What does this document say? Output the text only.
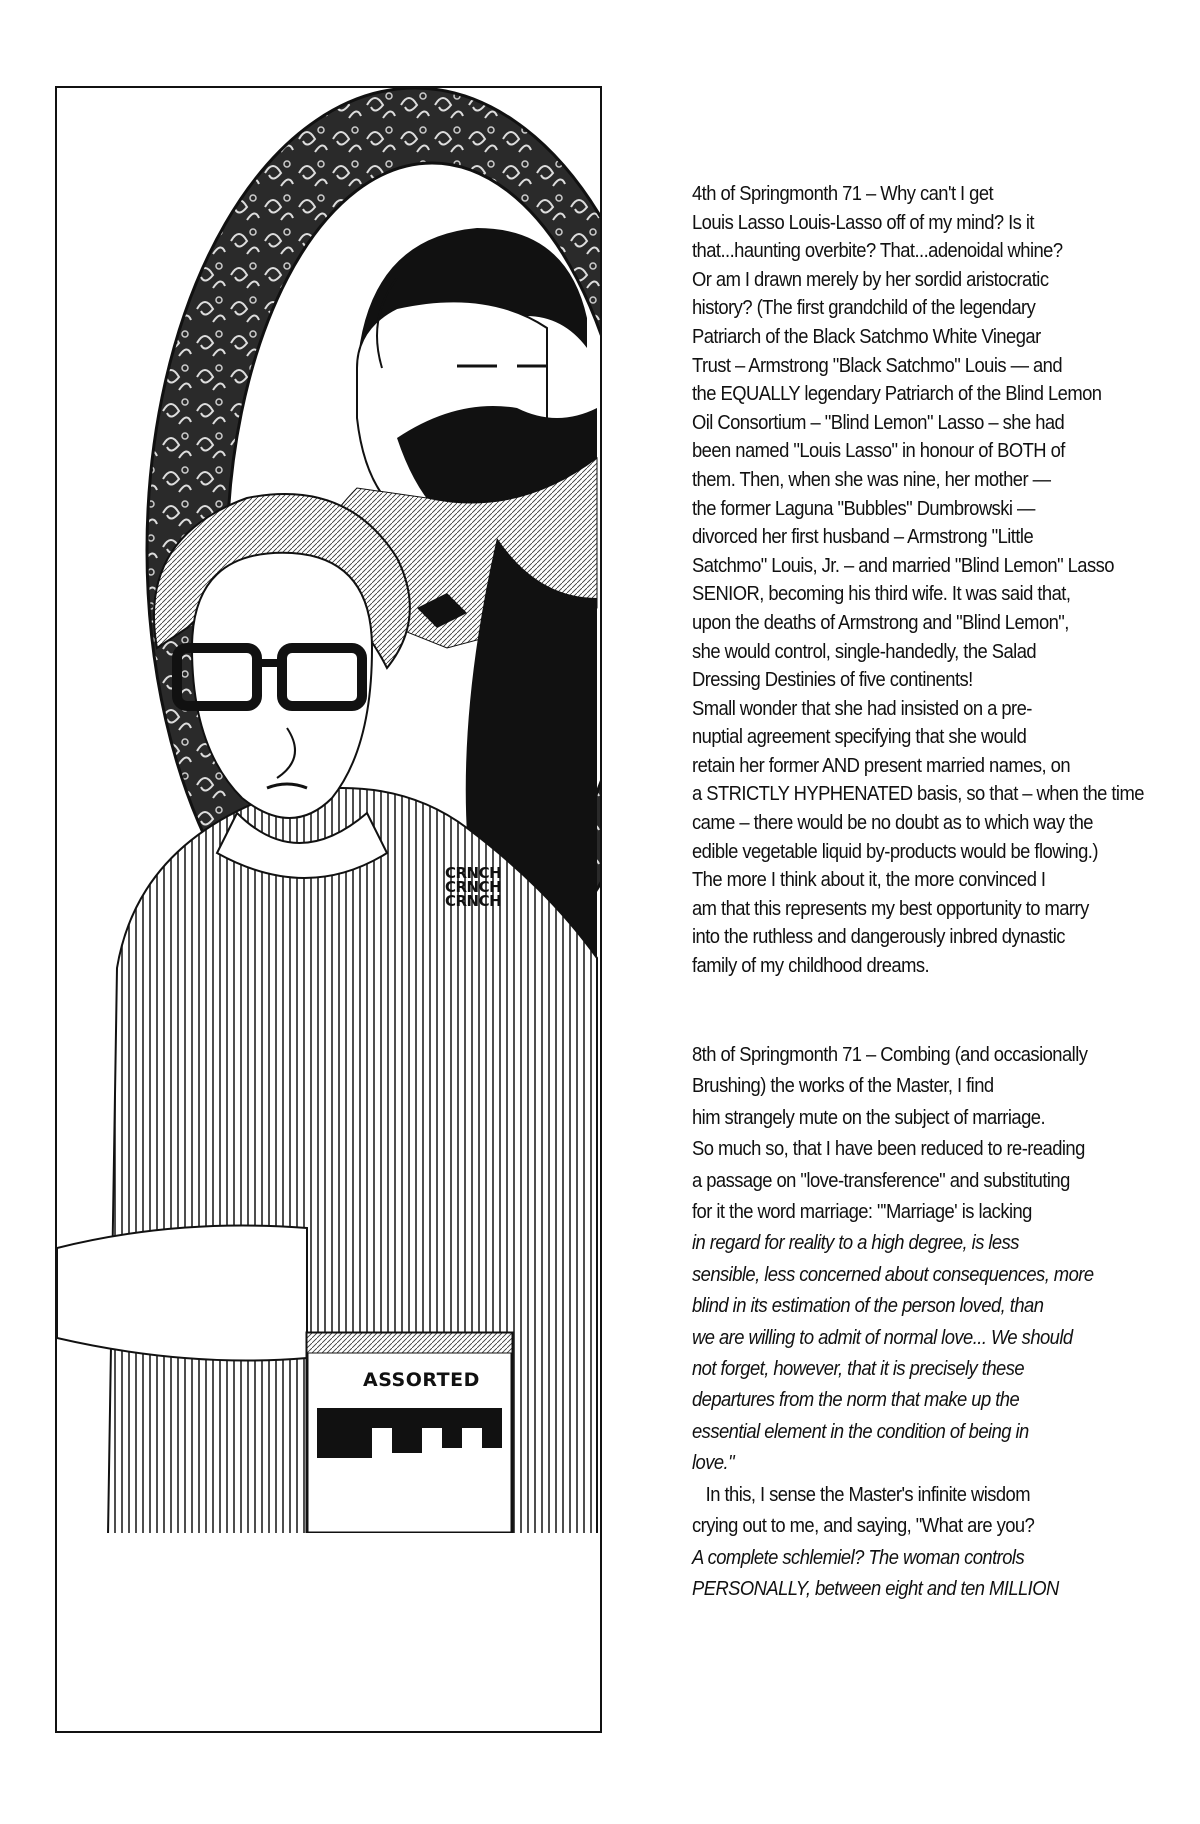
CRNCH
CRNCH
CRNCH
ASSORTED
4th of Springmonth 71 – Why can't I get
Louis Lasso Louis-Lasso off of my mind? Is it
that...haunting overbite? That...adenoidal whine?
Or am I drawn merely by her sordid aristocratic
history? (The first grandchild of the legendary
Patriarch of the Black Satchmo White Vinegar
Trust – Armstrong "Black Satchmo" Louis — and
the EQUALLY legendary Patriarch of the Blind Lemon
Oil Consortium – "Blind Lemon" Lasso – she had
been named "Louis Lasso" in honour of BOTH of
them. Then, when she was nine, her mother —
the former Laguna "Bubbles" Dumbrowski —
divorced her first husband – Armstrong "Little
Satchmo" Louis, Jr. – and married "Blind Lemon" Lasso
SENIOR, becoming his third wife. It was said that,
upon the deaths of Armstrong and "Blind Lemon",
she would control, single-handedly, the Salad
Dressing Destinies of five continents!
Small wonder that she had insisted on a pre-
nuptial agreement specifying that she would
retain her former AND present married names, on
a STRICTLY HYPHENATED basis, so that – when the time
came – there would be no doubt as to which way the
edible vegetable liquid by-products would be flowing.)
The more I think about it, the more convinced I
am that this represents my best opportunity to marry
into the ruthless and dangerously inbred dynastic
family of my childhood dreams.
8th of Springmonth 71 – Combing (and occasionally
Brushing) the works of the Master, I find
him strangely mute on the subject of marriage.
So much so, that I have been reduced to re-reading
a passage on "love-transference" and substituting
for it the word marriage: "'Marriage' is lacking
in regard for reality to a high degree, is less
sensible, less concerned about consequences, more
blind in its estimation of the person loved, than
we are willing to admit of normal love... We should
not forget, however, that it is precisely these
departures from the norm that make up the
essential element in the condition of being in
love."
In this, I sense the Master's infinite wisdom
crying out to me, and saying, "What are you?
A complete schlemiel? The woman controls
PERSONALLY, between eight and ten MILLION
